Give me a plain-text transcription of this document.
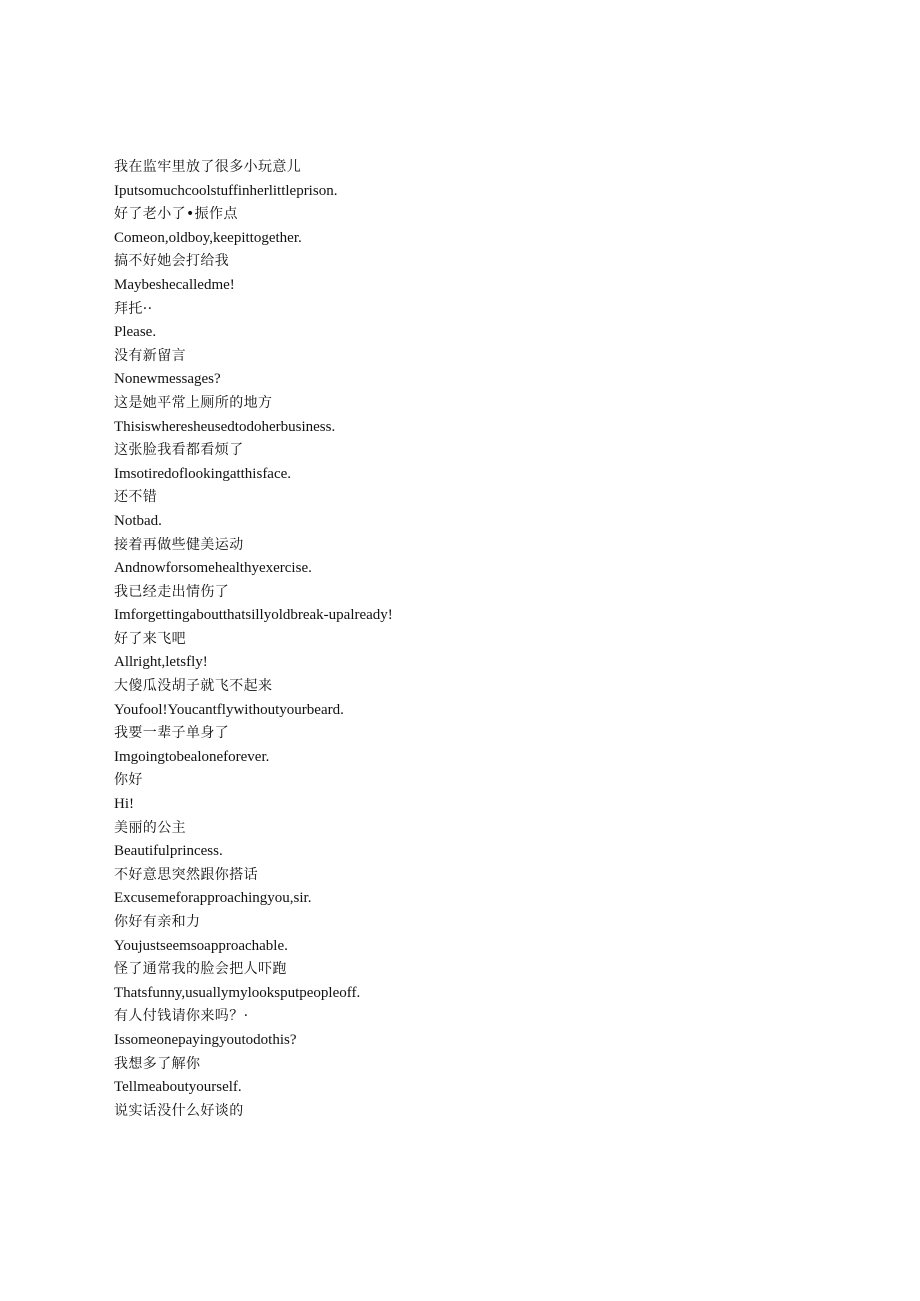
我在监牢里放了很多小玩意儿
Iputsomuchcoolstuffinherlittleprison.
好了老小了•振作点
Comeon,oldboy,keepittogether.
搞不好她会打给我
Maybeshecalledme!
拜托··
Please.
没有新留言
Nonewmessages?
这是她平常上厕所的地方
Thisiswheresheusedtodoherbusiness.
这张脸我看都看烦了
Imsotiredoflookingatthisface.
还不错
Notbad.
接着再做些健美运动
Andnowforsomehealthyexercise.
我已经走出情伤了
Imforgettingaboutthatsillyoldbreak-upalready!
好了来飞吧
Allright,letsfly!
大傻瓜没胡子就飞不起来
Youfool!Youcantflywithoutyourbeard.
我要一辈子单身了
Imgoingtobealoneforever.
你好
Hi!
美丽的公主
Beautifulprincess.
不好意思突然跟你搭话
Excusemeforapproachingyou,sir.
你好有亲和力
Youjustseemsoapproachable.
怪了通常我的脸会把人吓跑
Thatsfunny,usuallymylooksputpeopleoff.
有人付钱请你来吗？·
Issomeonepayingyoutodothis?
我想多了解你
Tellmeaboutyourself.
说实话没什么好谈的
